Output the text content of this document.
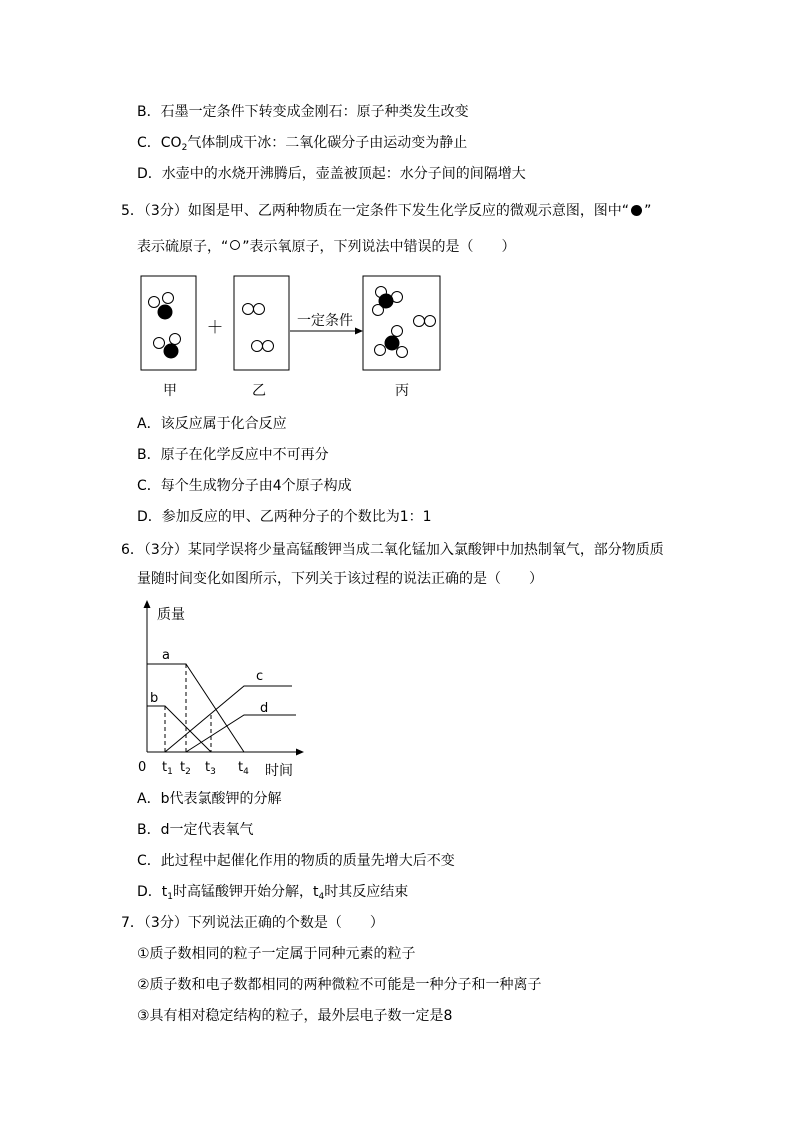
B．石墨一定条件下转变成金刚石：原子种类发生改变
C．$CO_2$气体制成干冰：二氧化碳分子由运动变为静止
D．水壶中的水烧开沸腾后，壶盖被顶起：水分子间的间隔增大
5．（3分）如图是甲、乙两种物质在一定条件下发生化学反应的微观示意图，图中“ ”
表示硫原子，“ ”表示氧原子，下列说法中错误的是（　　）
＋	一定条件
甲	乙	丙
A．该反应属于化合反应
B．原子在化学反应中不可再分
C．每个生成物分子由4个原子构成
D．参加反应的甲、乙两种分子的个数比为1：1
6．（3分）某同学误将少量高锰酸钾当成二氧化锰加入氯酸钾中加热制氧气，部分物质质
量随时间变化如图所示，下列关于该过程的说法正确的是（　　）
质量
0
a
b
c
d
$t_1$ $t_2$ $t_3$ $t_4$ 时间
A．b代表氯酸钾的分解
B．d一定代表氧气
C．此过程中起催化作用的物质的质量先增大后不变
D．$t_1$时高锰酸钾开始分解，$t_4$时其反应结束
7．（3分）下列说法正确的个数是（　　）
①质子数相同的粒子一定属于同种元素的粒子
②质子数和电子数都相同的两种微粒不可能是一种分子和一种离子
③具有相对稳定结构的粒子，最外层电子数一定是8
